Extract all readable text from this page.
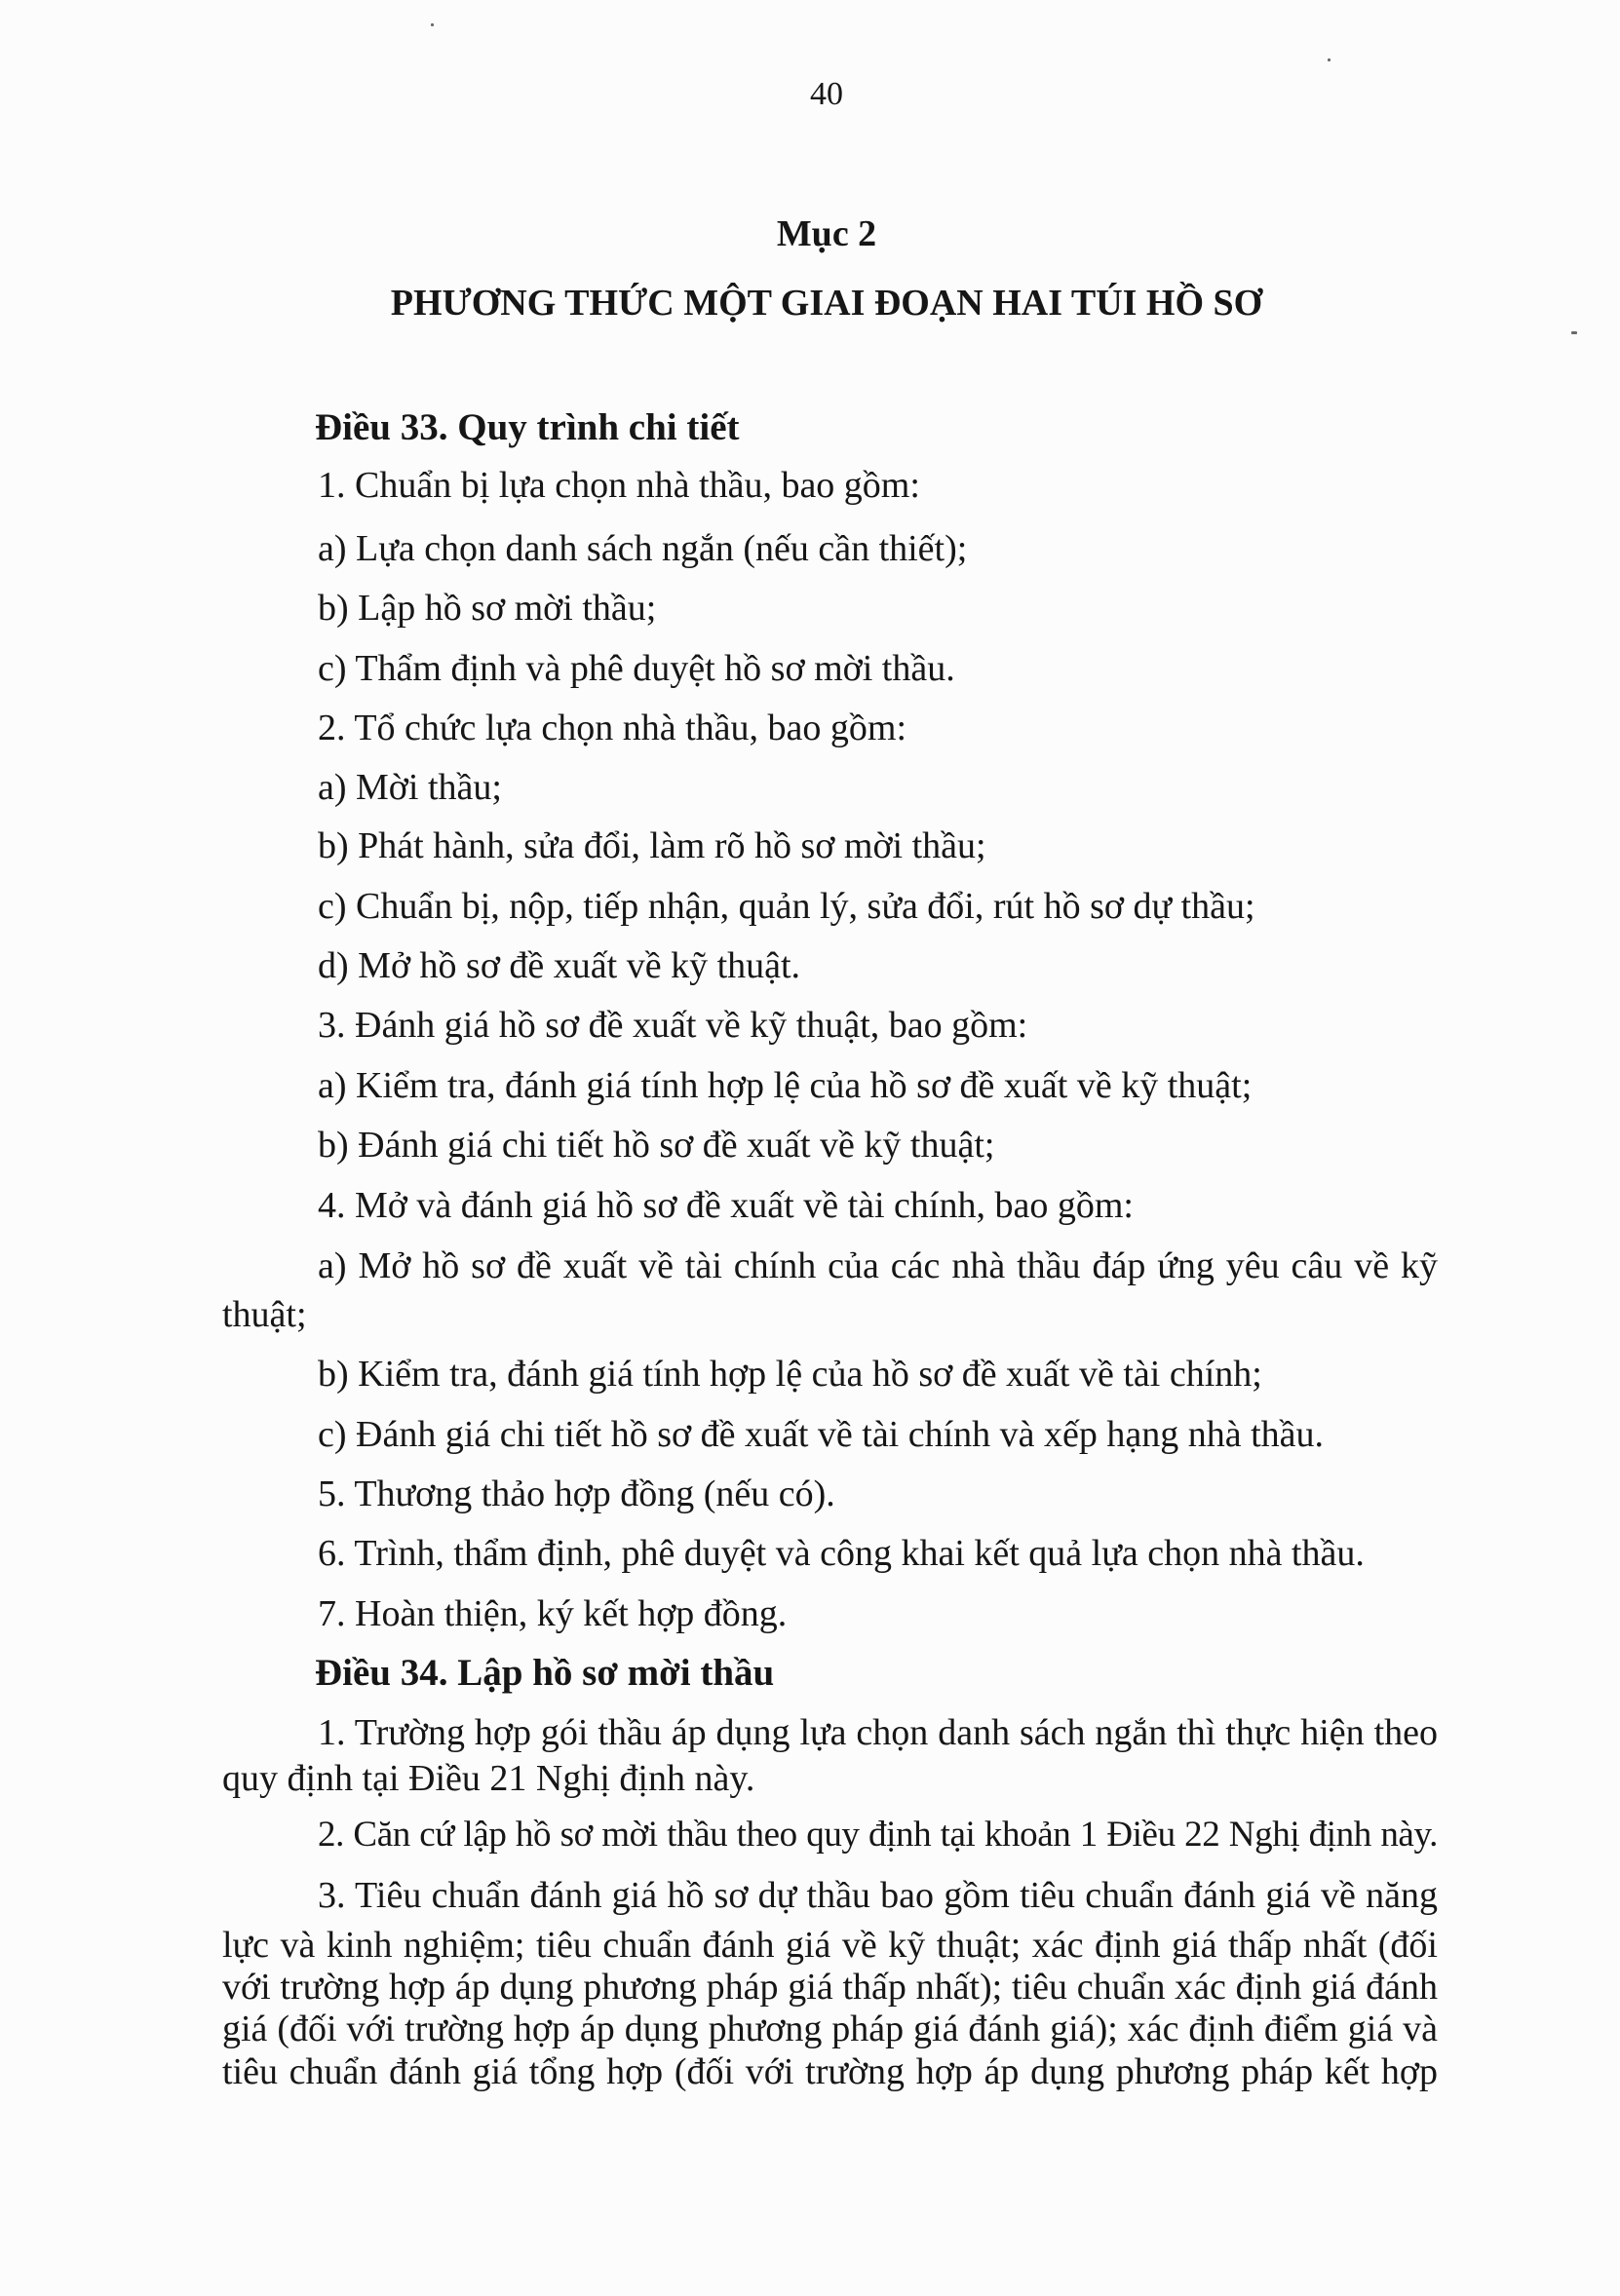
40
Mục 2
PHƯƠNG THỨC MỘT GIAI ĐOẠN HAI TÚI HỒ SƠ
Điều 33. Quy trình chi tiết
1. Chuẩn bị lựa chọn nhà thầu, bao gồm:
a) Lựa chọn danh sách ngắn (nếu cần thiết);
b) Lập hồ sơ mời thầu;
c) Thẩm định và phê duyệt hồ sơ mời thầu.
2. Tổ chức lựa chọn nhà thầu, bao gồm:
a) Mời thầu;
b) Phát hành, sửa đổi, làm rõ hồ sơ mời thầu;
c) Chuẩn bị, nộp, tiếp nhận, quản lý, sửa đổi, rút hồ sơ dự thầu;
d) Mở hồ sơ đề xuất về kỹ thuật.
3. Đánh giá hồ sơ đề xuất về kỹ thuật, bao gồm:
a) Kiểm tra, đánh giá tính hợp lệ của hồ sơ đề xuất về kỹ thuật;
b) Đánh giá chi tiết hồ sơ đề xuất về kỹ thuật;
4. Mở và đánh giá hồ sơ đề xuất về tài chính, bao gồm:
a) Mở hồ sơ đề xuất về tài chính của các nhà thầu đáp ứng yêu câu về kỹ
thuật;
b) Kiểm tra, đánh giá tính hợp lệ của hồ sơ đề xuất về tài chính;
c) Đánh giá chi tiết hồ sơ đề xuất về tài chính và xếp hạng nhà thầu.
5. Thương thảo hợp đồng (nếu có).
6. Trình, thẩm định, phê duyệt và công khai kết quả lựa chọn nhà thầu.
7. Hoàn thiện, ký kết hợp đồng.
Điều 34. Lập hồ sơ mời thầu
1. Trường hợp gói thầu áp dụng lựa chọn danh sách ngắn thì thực hiện theo
quy định tại Điều 21 Nghị định này.
2. Căn cứ lập hồ sơ mời thầu theo quy định tại khoản 1 Điều 22 Nghị định này.
3. Tiêu chuẩn đánh giá hồ sơ dự thầu bao gồm tiêu chuẩn đánh giá về năng
lực và kinh nghiệm; tiêu chuẩn đánh giá về kỹ thuật; xác định giá thấp nhất (đối
với trường hợp áp dụng phương pháp giá thấp nhất); tiêu chuẩn xác định giá đánh
giá (đối với trường hợp áp dụng phương pháp giá đánh giá); xác định điểm giá và
tiêu chuẩn đánh giá tổng hợp (đối với trường hợp áp dụng phương pháp kết hợp
